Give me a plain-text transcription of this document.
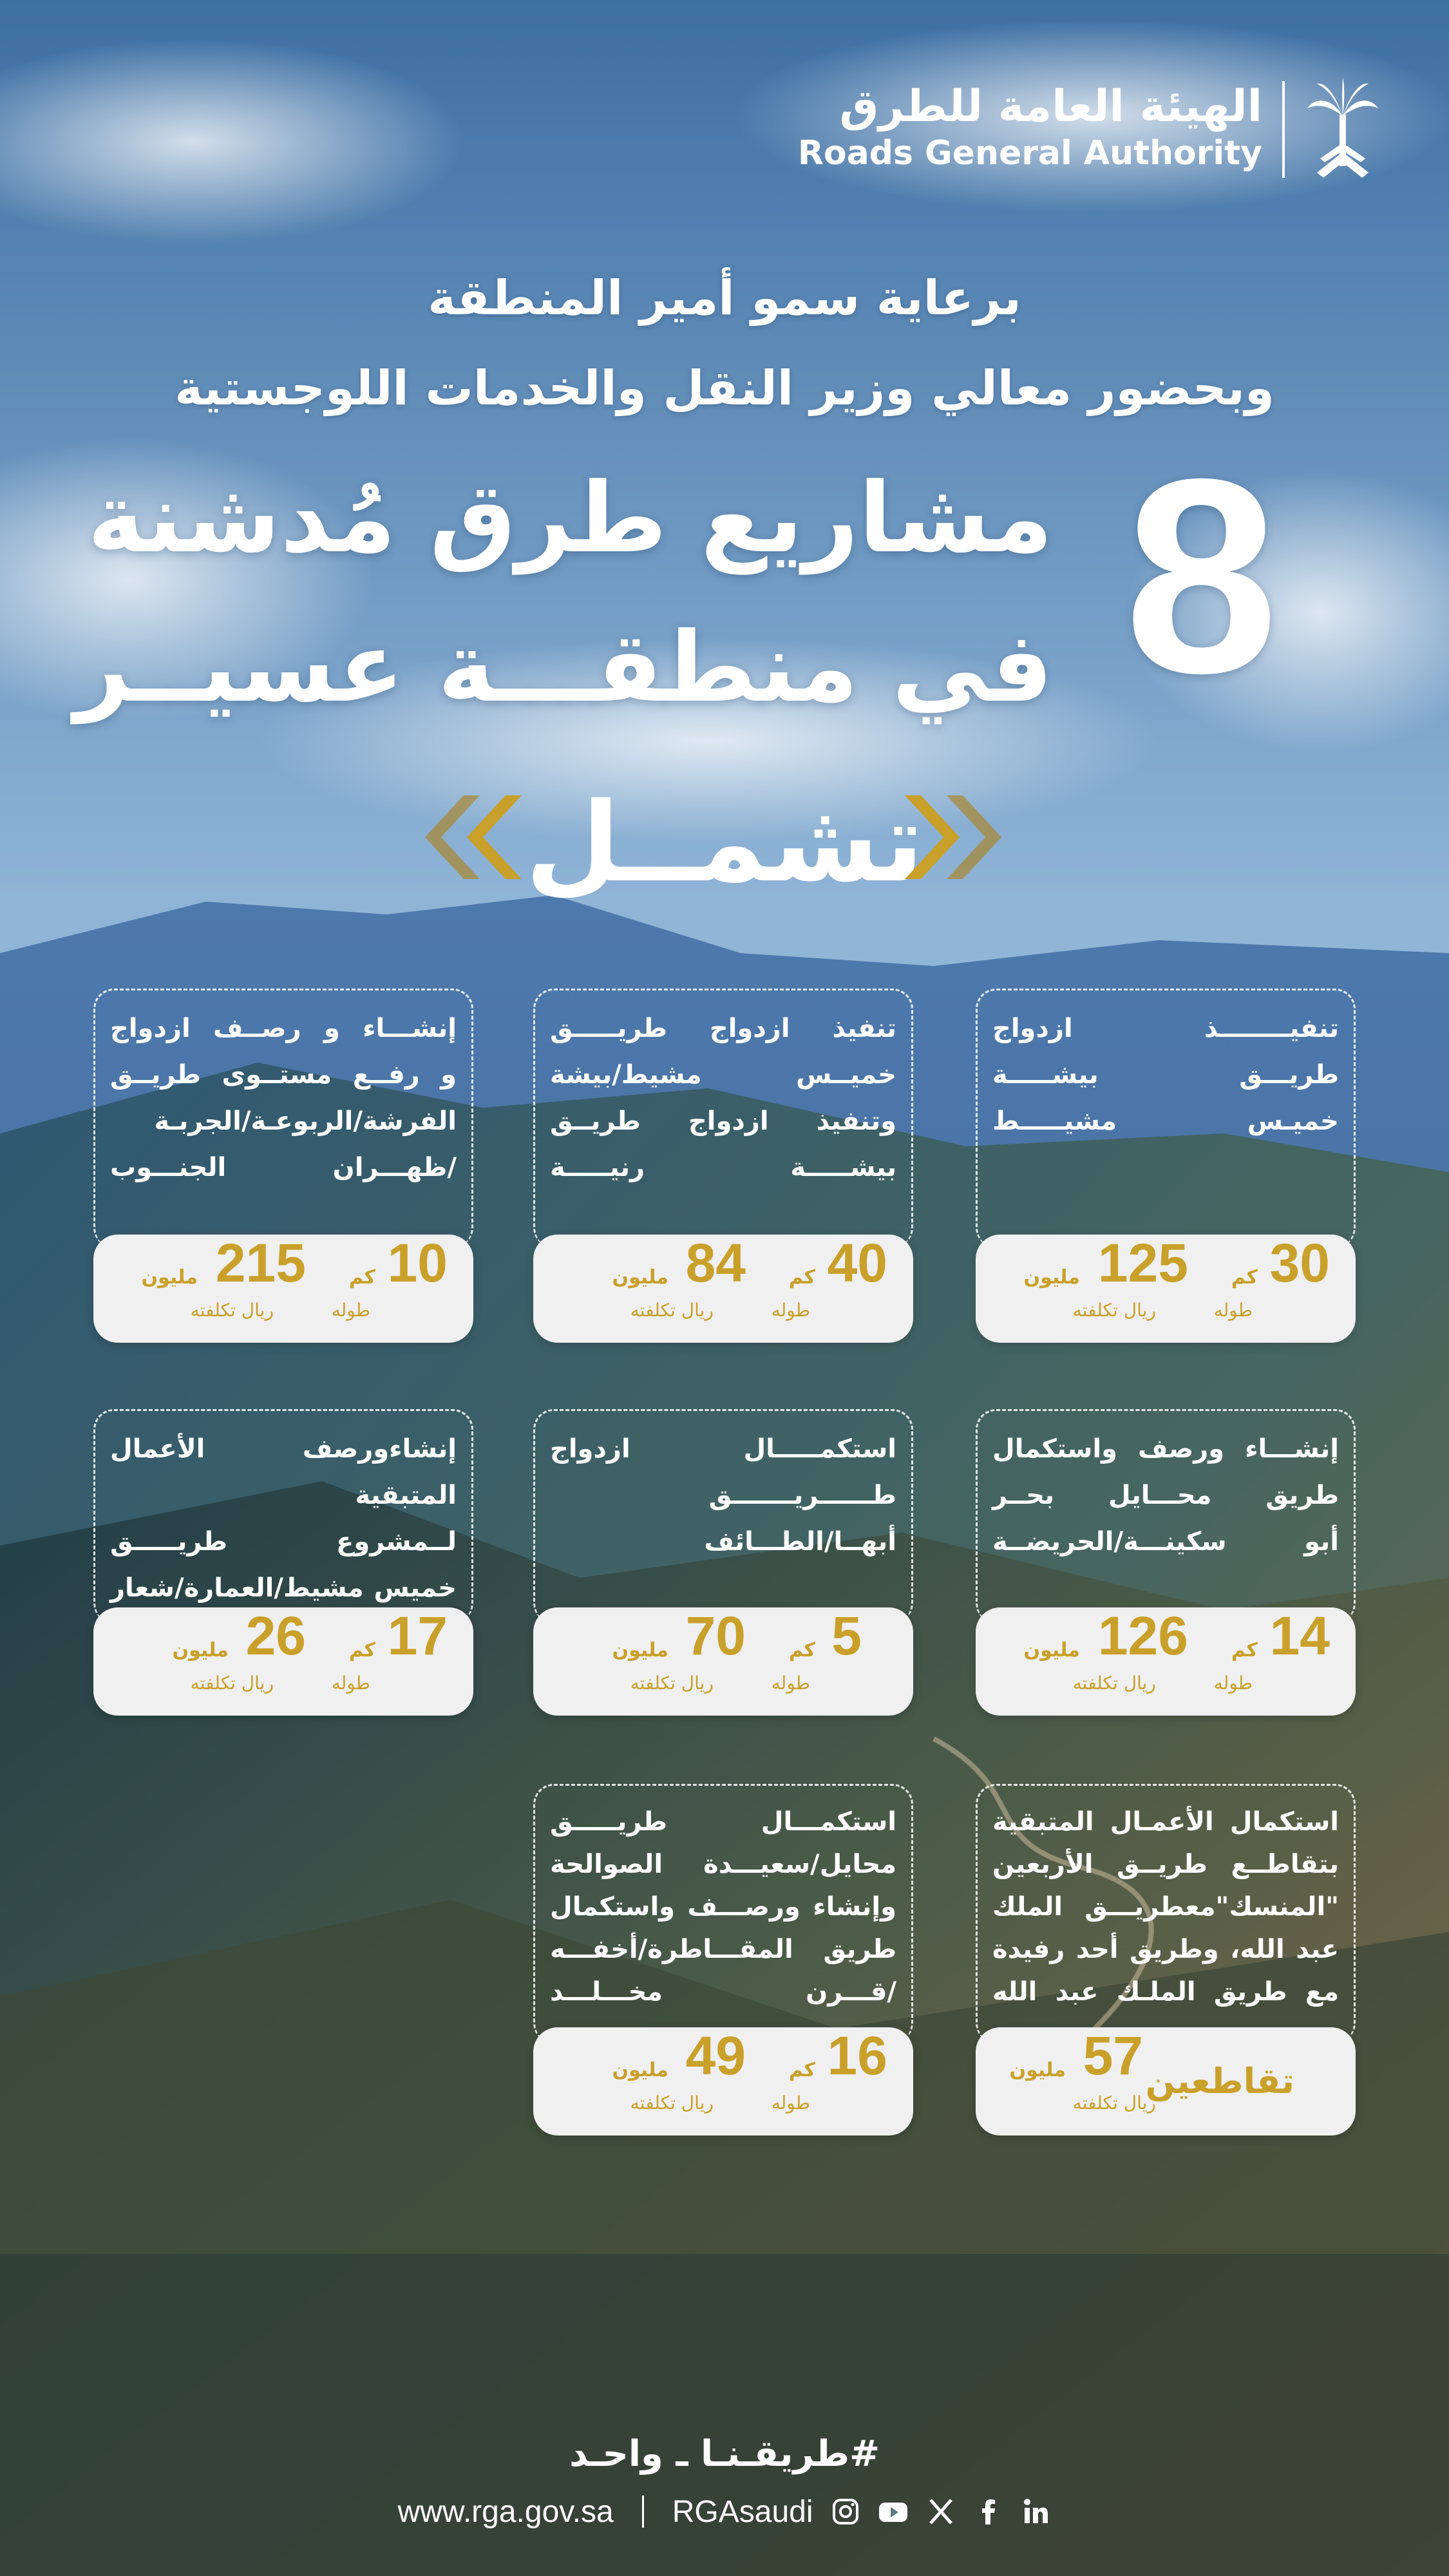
الهيئة العامة للطرق
Roads General Authority
برعاية سمو أمير المنطقة
وبحضور معالي وزير النقل والخدمات اللوجستية
8
مشاريع طرق مُدشنة
في منطقـــة عسيــر
تشمــل
تنفيــــــــذ ازدواج
طريـــق بيشـــــة
خميـس مشيـــــط
30
كم
طوله
125
مليون
ريال تكلفته
تنفيذ ازدواج طريـــــق
خميــس مشيط/بيشة
وتنفيذ ازدواج طريــق
بيشـــــة رنيـــــة
40
كم
طوله
84
مليون
ريال تكلفته
إنشـــاء و رصــف ازدواج
و رفــع مستــوى طريــق
الفرشة/الربوعـة/الجربـة
/ظهـــران الجنـــوب
10
كم
طوله
215
مليون
ريال تكلفته
إنشـــاء ورصف واستكمال
طريق محـــايل بحــر
أبو سكينـــة/الحريضــة
14
كم
طوله
126
مليون
ريال تكلفته
استكمـــــال ازدواج
طــــــريـــــــق
أبهــا/الطـــائف
5
كم
طوله
70
مليون
ريال تكلفته
إنشاءورصف الأعمال المتبقية
لــمشروع طريـــــق
خميس مشيط/العمارة/شعار
17
كم
طوله
26
مليون
ريال تكلفته
استكمال الأعمـال المتبقية
بتقاطــع طريــق الأربعين
"المنسك"معطريـــق الملك
عبد الله، وطريق أحد رفيدة
مع طريق الملـك عبد الله
تقاطعين
57
مليون
ريال تكلفته
استكمـــال طريـــــق
محايل/سعيـــدة الصوالحة
وإنشاء ورصـــف واستكمال
طريق المقـــاطرة/أخفـــه
/قـــرن مخـــلـــد
16
كم
طوله
49
مليون
ريال تكلفته
#طريقـنـا ـ واحـد
www.rga.gov.sa RGAsaudi
